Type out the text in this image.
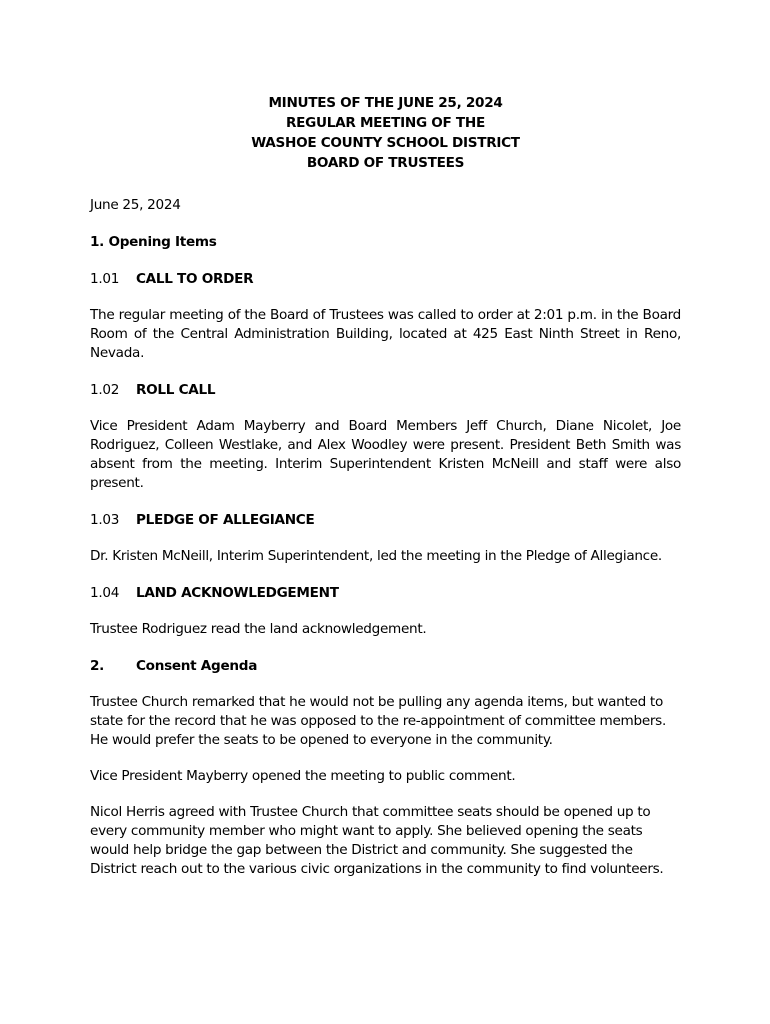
MINUTES OF THE JUNE 25, 2024
REGULAR MEETING OF THE
WASHOE COUNTY SCHOOL DISTRICT
BOARD OF TRUSTEES
June 25, 2024
1. Opening Items
1.01	CALL TO ORDER
The regular meeting of the Board of Trustees was called to order at 2:01 p.m. in the Board Room of the Central Administration Building, located at 425 East Ninth Street in Reno, Nevada.
1.02	ROLL CALL
Vice President Adam Mayberry and Board Members Jeff Church, Diane Nicolet, Joe Rodriguez, Colleen Westlake, and Alex Woodley were present. President Beth Smith was absent from the meeting. Interim Superintendent Kristen McNeill and staff were also present.
1.03	PLEDGE OF ALLEGIANCE
Dr. Kristen McNeill, Interim Superintendent, led the meeting in the Pledge of Allegiance.
1.04	LAND ACKNOWLEDGEMENT
Trustee Rodriguez read the land acknowledgement.
2.	Consent Agenda
Trustee Church remarked that he would not be pulling any agenda items, but wanted to state for the record that he was opposed to the re-appointment of committee members. He would prefer the seats to be opened to everyone in the community.
Vice President Mayberry opened the meeting to public comment.
Nicol Herris agreed with Trustee Church that committee seats should be opened up to every community member who might want to apply. She believed opening the seats would help bridge the gap between the District and community. She suggested the District reach out to the various civic organizations in the community to find volunteers.
